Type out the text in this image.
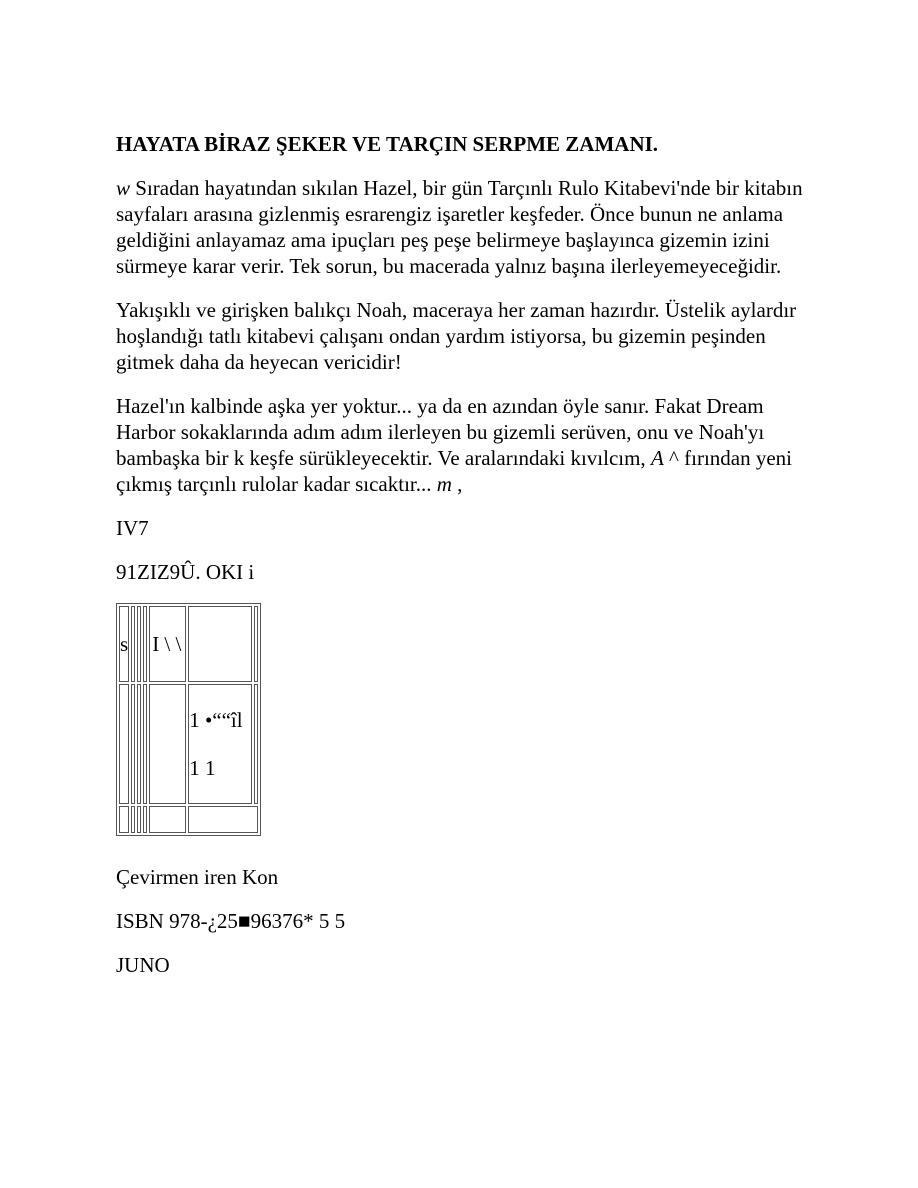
HAYATA BİRAZ ŞEKER VE TARÇIN SERPME ZAMANI.

w Sıradan hayatından sıkılan Hazel, bir gün Tarçınlı Rulo Kitabevi'nde bir kitabın sayfaları arasına gizlenmiş esrarengiz işaretler keşfeder. Önce bunun ne anlama geldiğini anlayamaz ama ipuçları peş peşe belirmeye başlayınca gizemin izini sürmeye karar verir. Tek sorun, bu macerada yalnız başına ilerleyemeyeceğidir.

Yakışıklı ve girişken balıkçı Noah, maceraya her zaman hazırdır. Üstelik aylardır hoşlandığı tatlı kitabevi çalışanı ondan yardım istiyorsa, bu gizemin peşinden gitmek daha da heyecan vericidir!

Hazel'ın kalbinde aşka yer yoktur... ya da en azından öyle sanır. Fakat Dream Harbor sokaklarında adım adım ilerleyen bu gizemli serüven, onu ve Noah'yı bambaşka bir k keşfe sürükleyecektir. Ve aralarındaki kıvılcım, A ^ fırından yeni çıkmış tarçınlı rulolar kadar sıcaktır... m ,

IV7

91ZIZ9Û. OKI i

s				I \ \		

					1 •““îl
1 1	

Çevirmen iren Kon

ISBN 978-¿25■96376* 5 5

JUNO
